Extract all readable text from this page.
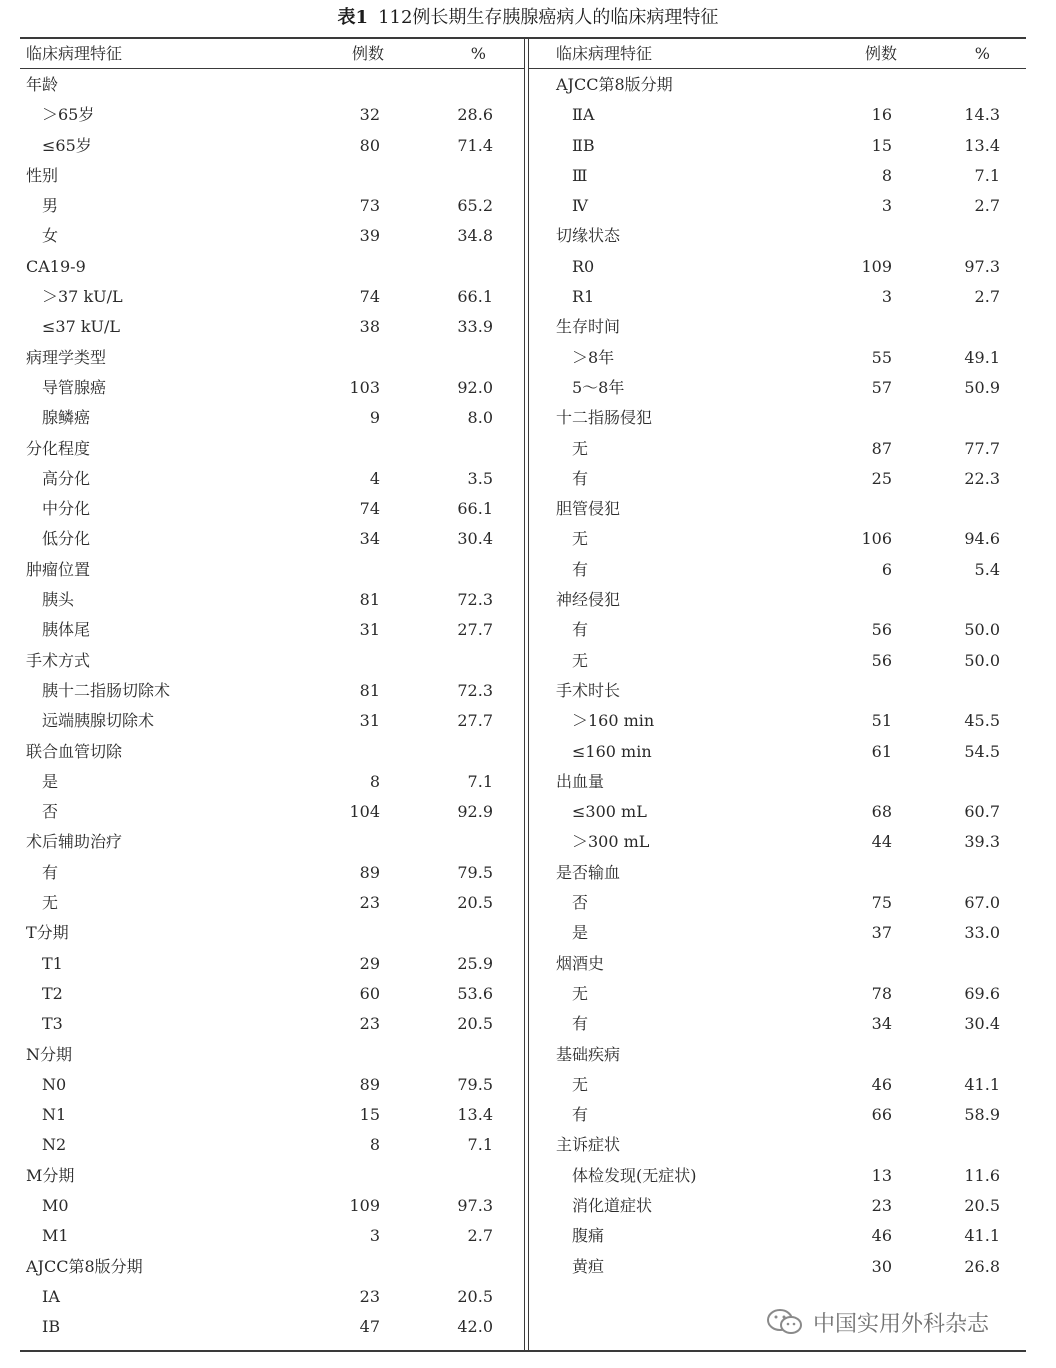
表1 112例长期生存胰腺癌病人的临床病理特征
临床病理特征	例数	%
年龄
＞65岁	32	28.6
≤65岁	80	71.4
性别
男	73	65.2
女	39	34.8
CA19-9
＞37 kU/L	74	66.1
≤37 kU/L	38	33.9
病理学类型
导管腺癌	103	92.0
腺鳞癌	9	8.0
分化程度
高分化	4	3.5
中分化	74	66.1
低分化	34	30.4
肿瘤位置
胰头	81	72.3
胰体尾	31	27.7
手术方式
胰十二指肠切除术	81	72.3
远端胰腺切除术	31	27.7
联合血管切除
是	8	7.1
否	104	92.9
术后辅助治疗
有	89	79.5
无	23	20.5
T分期
T1	29	25.9
T2	60	53.6
T3	23	20.5
N分期
N0	89	79.5
N1	15	13.4
N2	8	7.1
M分期
M0	109	97.3
M1	3	2.7
AJCC第8版分期
ⅠA	23	20.5
ⅠB	47	42.0
临床病理特征	例数	%
AJCC第8版分期
ⅡA	16	14.3
ⅡB	15	13.4
Ⅲ	8	7.1
Ⅳ	3	2.7
切缘状态
R0	109	97.3
R1	3	2.7
生存时间
＞8年	55	49.1
5～8年	57	50.9
十二指肠侵犯
无	87	77.7
有	25	22.3
胆管侵犯
无	106	94.6
有	6	5.4
神经侵犯
有	56	50.0
无	56	50.0
手术时长
＞160 min	51	45.5
≤160 min	61	54.5
出血量
≤300 mL	68	60.7
＞300 mL	44	39.3
是否输血
否	75	67.0
是	37	33.0
烟酒史
无	78	69.6
有	34	30.4
基础疾病
无	46	41.1
有	66	58.9
主诉症状
体检发现(无症状)	13	11.6
消化道症状	23	20.5
腹痛	46	41.1
黄疸	30	26.8
中国实用外科杂志
